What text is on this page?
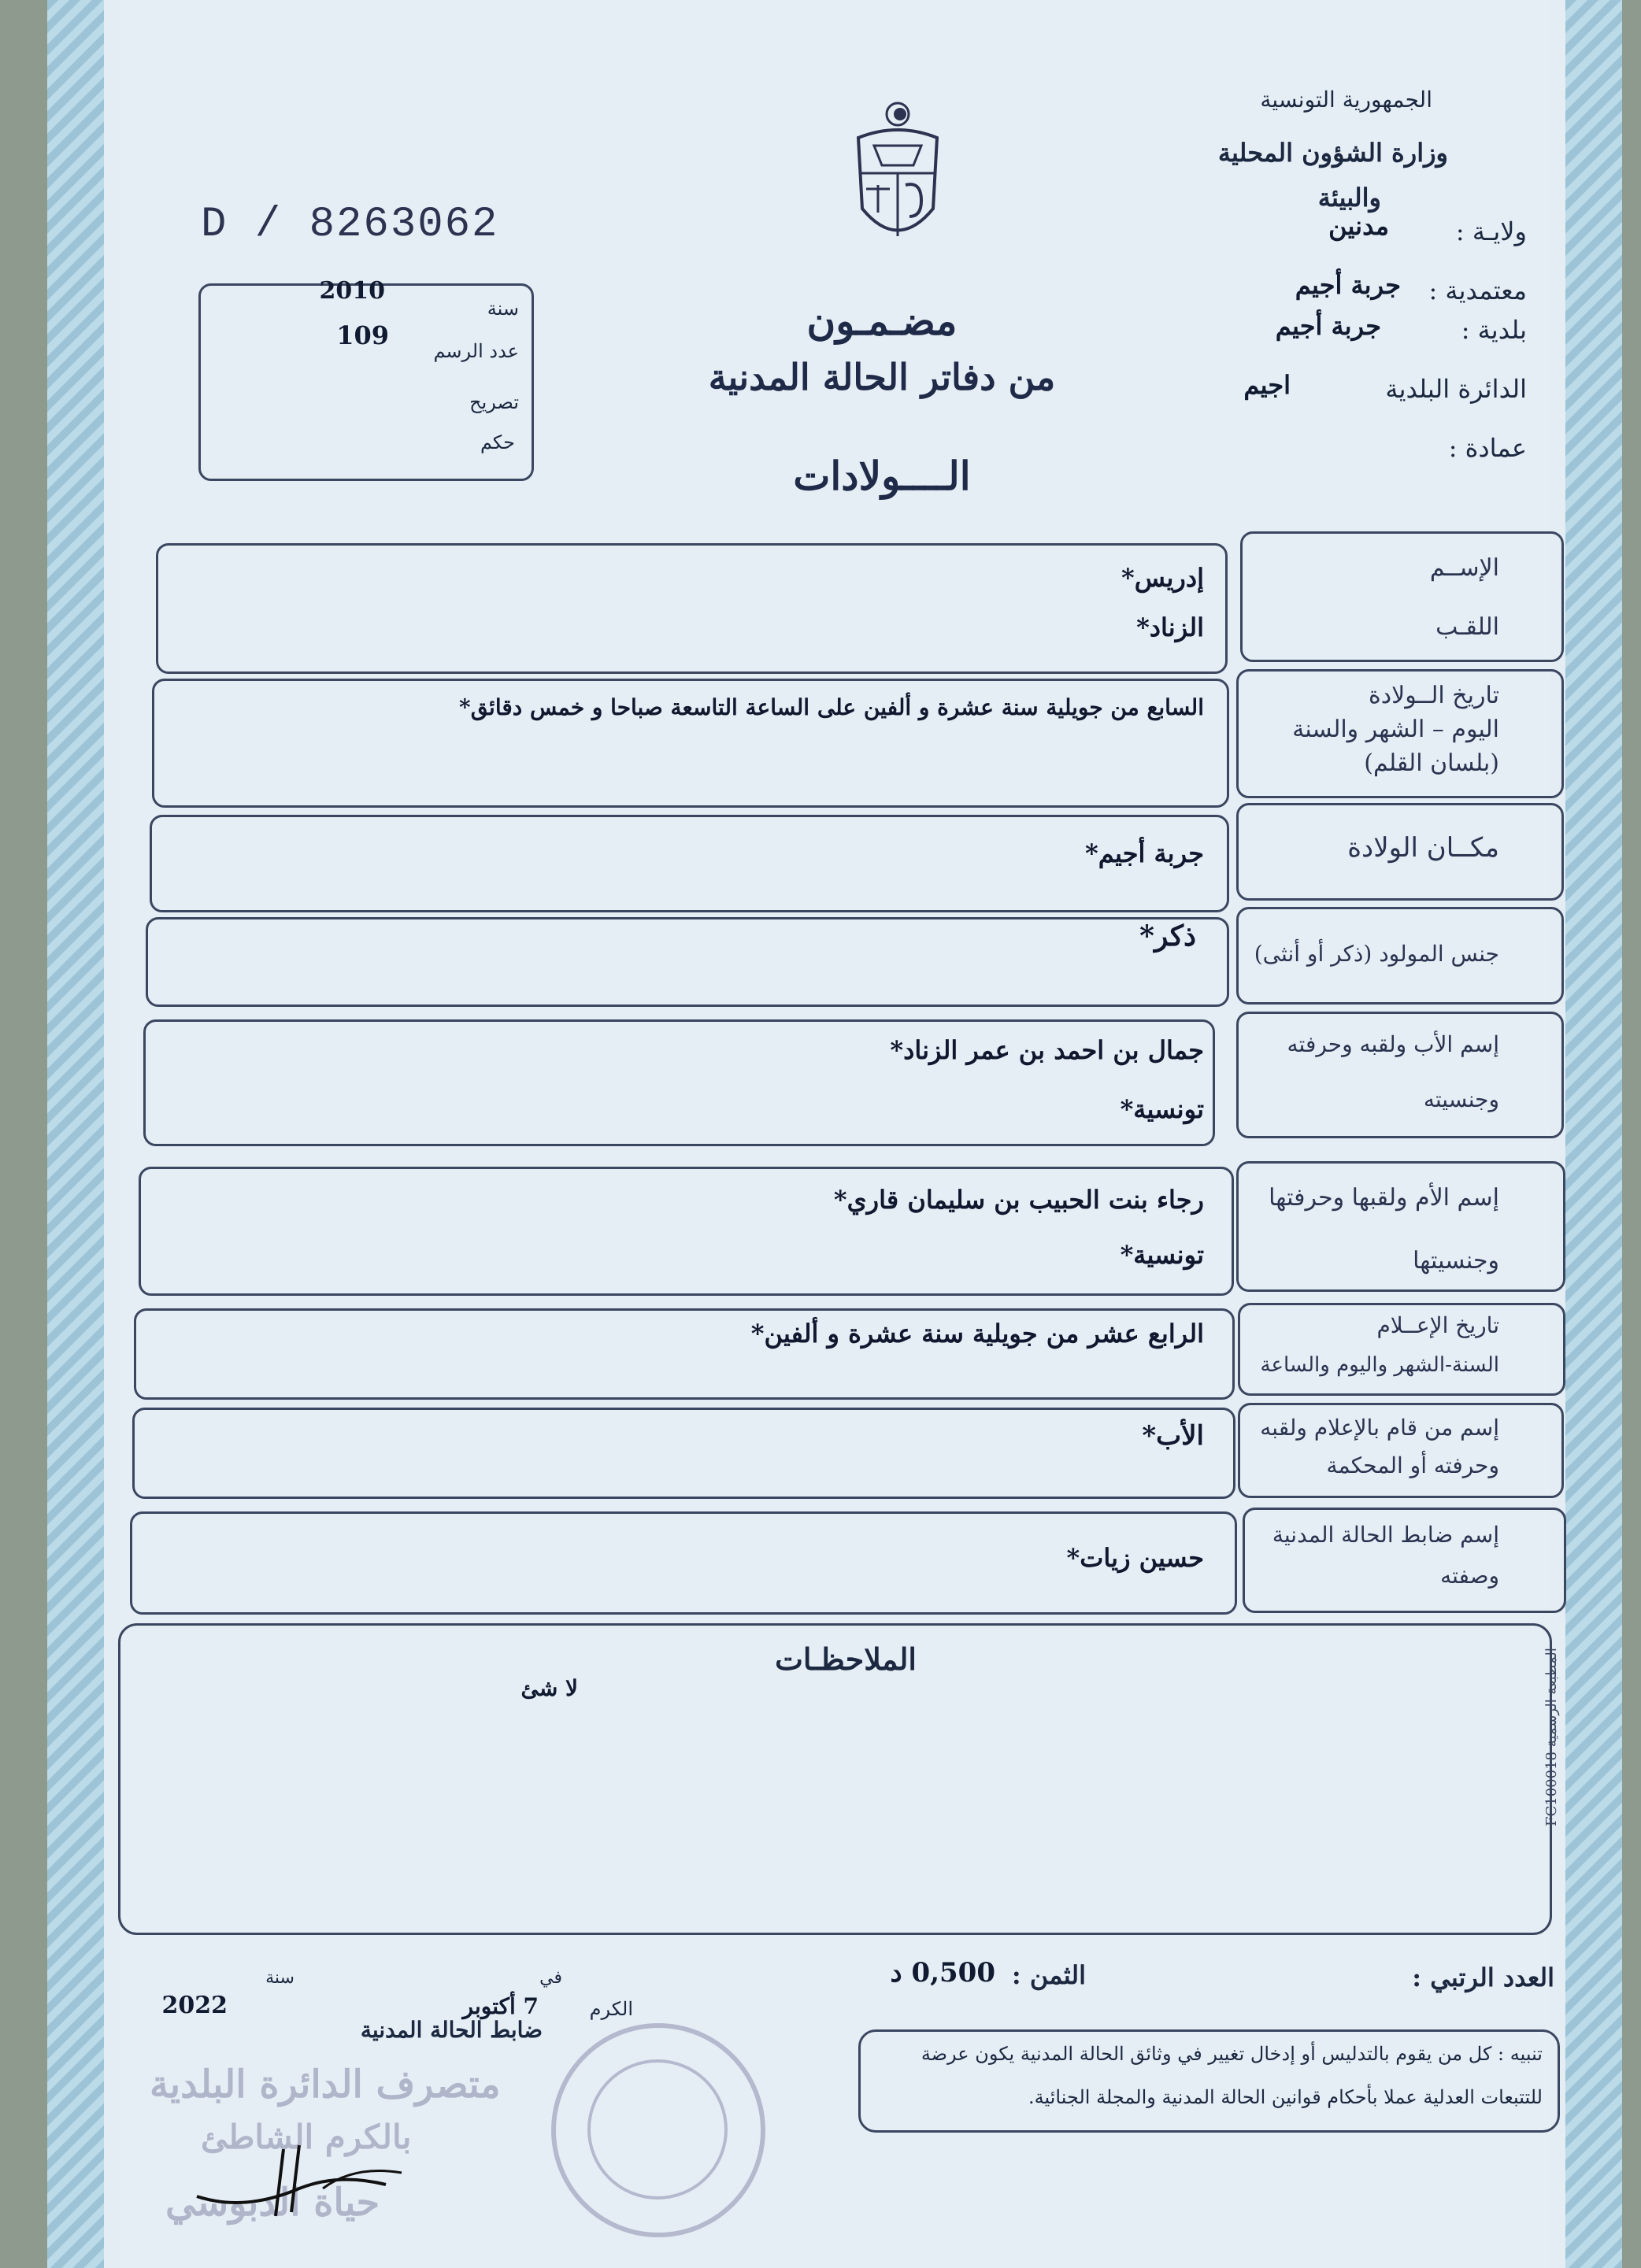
الجمهورية التونسية
وزارة الشؤون المحلية
والبيئة
ولايـة :
مدنين
معتمدية :
جربة أجيم
بلدية :
جربة أجيم
الدائرة البلدية
اجيم
عمادة :
D / 8263062
سنة
2010
عدد الرسم
109
تصريح
حكم
مضـمـون
من دفاتر الحالة المدنية
الــــولادات
الإســم
اللقـب
إدريس*
الزناد*
تاريخ الــولادة
اليوم – الشهر والسنة
(بلسان القلم)
السابع من جويلية سنة عشرة و ألفين على الساعة التاسعة صباحا و خمس دقائق*
مكــان الولادة
جربة أجيم*
جنس المولود (ذكر أو أنثى)
ذكر*
إسم الأب ولقبه وحرفته
وجنسيته
جمال بن احمد بن عمر الزناد*
تونسية*
إسم الأم ولقبها وحرفتها
وجنسيتها
رجاء بنت الحبيب بن سليمان قاري*
تونسية*
تاريخ الإعــلام
السنة-الشهر واليوم والساعة
الرابع عشر من جويلية سنة عشرة و ألفين*
إسم من قام بالإعلام ولقبه
وحرفته أو المحكمة
الأب*
إسم ضابط الحالة المدنية
وصفته
حسين زيات*
الملاحظـات
لا شئ
المطبعة الرسمية FC100018
العدد الرتبي :
الثمن :
0,500 د
الكرم
في
7 أكتوبر
سنة
2022
ضابط الحالة المدنية
تنبيه : كل من يقوم بالتدليس أو إدخال تغيير في وثائق الحالة المدنية يكون عرضة
للتتبعات العدلية عملا بأحكام قوانين الحالة المدنية والمجلة الجنائية.
متصرف الدائرة البلدية
بالكرم الشاطئ
حياة الدبوسي
